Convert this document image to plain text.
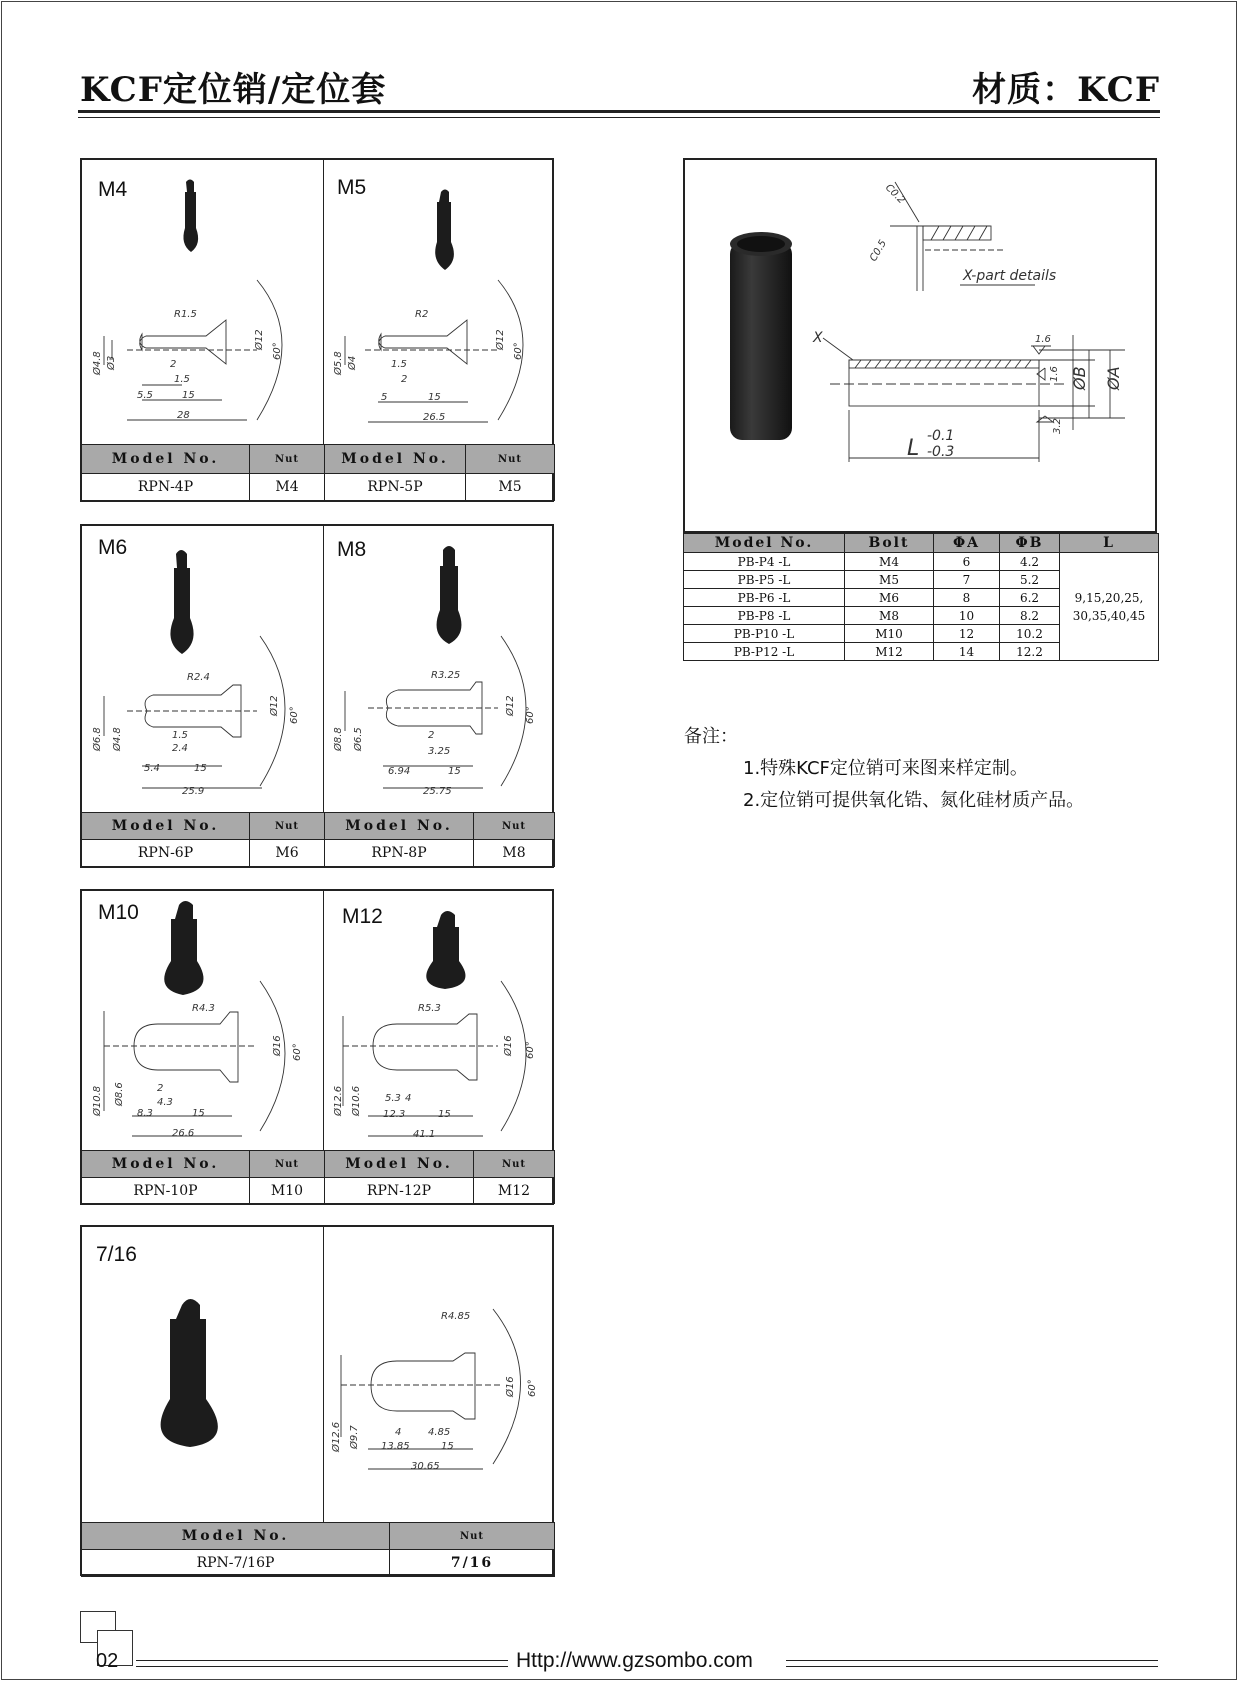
KCF定位销/定位套	材质：KCF
M4	M5
R1.5
Ø12
60°
Ø4.8 Ø3	2
1.5
5.5	15
28
R2
Ø12
60°
Ø5.8 Ø4
2
1.5
5	15
26.5
Model No.	Nut	Model No.	Nut
RPN-4P	M4	RPN-5P	M5
M6	M8
R2.4
Ø12 60°
Ø6.8 Ø4.8	1.5
2.4
5.4	15
25.9
R3.25
Ø12 60°
Ø8.8 Ø6.5	2
3.25
6.94	15
25.75
Model No.	Nut	Model No.	Nut
RPN-6P	M6	RPN-8P	M8
M10	M12
R4.3
Ø16 60°
Ø10.8 Ø8.6	2
4.3
8.3	15
26.6
R5.3
Ø16 60°
Ø12.6 Ø10.6 5.3 4
12.3	15
41.1
Model No.	Nut	Model No.	Nut
RPN-10P	M10	RPN-12P	M12
7/16
R4.85
Ø16 60°
Ø12.6 Ø9.7	4	4.85
13.85	15
30.65
Model No.	Nut
RPN-7/16P	7/16
C0.2
C0.5
X-part details
X
L -0.1
-0.3
ØB ØA
1.6
1.6
3.2
Model No.	Bolt	ΦA	ΦB	L
PB-P4 -L	M4	6	4.2	9,15,20,25,
30,35,40,45
PB-P5 -L	M5	7	5.2	
PB-P6 -L	M6	8	6.2	
PB-P8 -L	M8	10	8.2	
PB-P10 -L	M10	12	10.2	
PB-P12 -L	M12	14	12.2	
备注：
1.特殊KCF定位销可来图来样定制。
2.定位销可提供氧化锆、氮化硅材质产品。
02	Http://www.gzsombo.com
